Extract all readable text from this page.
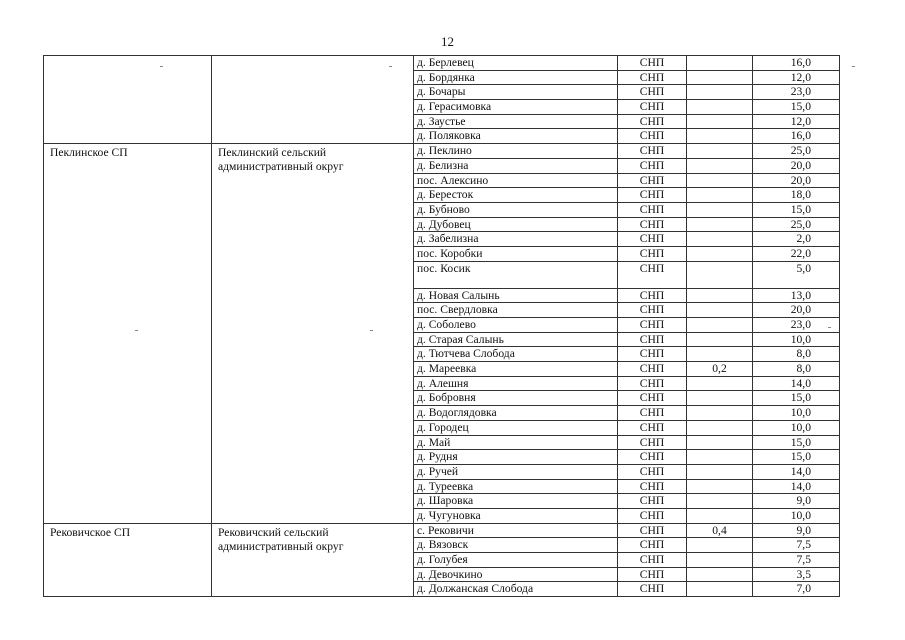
12
		д. Берлевец	СНП		16,0
		д. Бордянка	СНП		12,0
		д. Бочары	СНП		23,0
		д. Герасимовка	СНП		15,0
		д. Заустье	СНП		12,0
		д. Поляковка	СНП		16,0
Пеклинское СП	Пеклинский сельский административный округ	д. Пеклино	СНП		25,0
		д. Белизна	СНП		20,0
		пос. Алексино	СНП		20,0
		д. Бересток	СНП		18,0
		д. Бубново	СНП		15,0
		д. Дубовец	СНП		25,0
		д. Забелизна	СНП		2,0
		пос. Коробки	СНП		22,0
		пос. Косик	СНП		5,0
		д. Новая Салынь	СНП		13,0
		пос. Свердловка	СНП		20,0
		д. Соболево	СНП		23,0
		д. Старая Салынь	СНП		10,0
		д. Тютчева Слобода	СНП		8,0
		д. Мареевка	СНП	0,2	8,0
		д. Алешня	СНП		14,0
		д. Бобровня	СНП		15,0
		д. Водоглядовка	СНП		10,0
		д. Городец	СНП		10,0
		д. Май	СНП		15,0
		д. Рудня	СНП		15,0
		д. Ручей	СНП		14,0
		д. Туреевка	СНП		14,0
		д. Шаровка	СНП		9,0
		д. Чугуновка	СНП		10,0
Рековичское СП	Рековичский сельский административный округ	с. Рековичи	СНП	0,4	9,0
		д. Вязовск	СНП		7,5
		д. Голубея	СНП		7,5
		д. Девочкино	СНП		3,5
		д. Должанская Слобода	СНП		7,0
